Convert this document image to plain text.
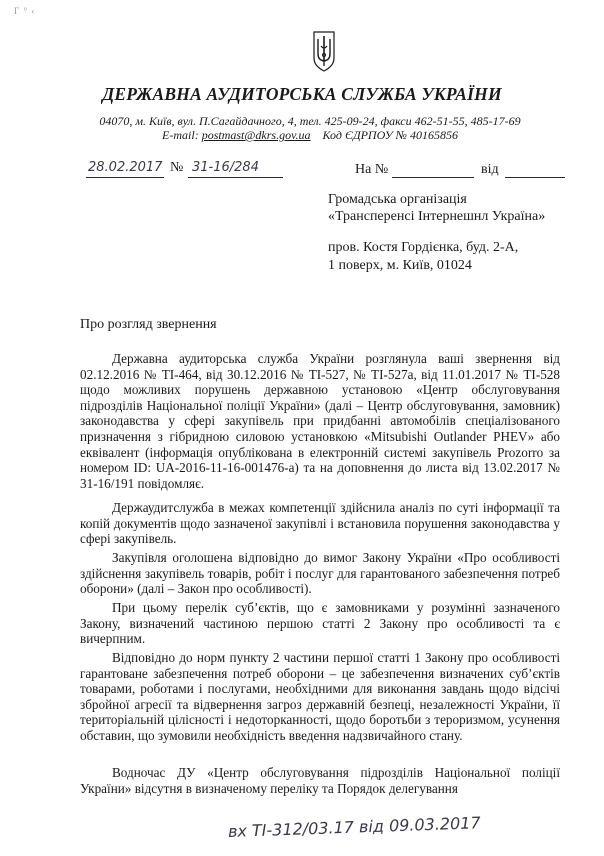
Г ° ‹
ДЕРЖАВНА АУДИТОРСЬКА СЛУЖБА УКРАЇНИ
04070, м. Київ, вул. П.Сагайдачного, 4, тел. 425-09-24, факси 462-51-55, 485-17-69
E-mail: postmast@dkrs.gov.ua Код ЄДРПОУ № 40165856
28.02.2017 № 31-16/284	На №	від
Громадська організація
«Трансперенсі Інтернешнл Україна»
пров. Костя Гордієнка, буд. 2-А,
1 поверх, м. Київ, 01024
Про розгляд звернення

Державна аудиторська служба України розглянула ваші звернення від 02.12.2016 № ТІ-464, від 30.12.2016 № ТІ-527, № ТІ-527а, від 11.01.2017 № ТІ-528 щодо можливих порушень державною установою «Центр обслуговування підрозділів Національної поліції України» (далі – Центр обслуговування, замовник) законодавства у сфері закупівель при придбанні автомобілів спеціалізованого призначення з гібридною силовою установкою «Mitsubishi Outlander PHEV» або еквівалент (інформація опублікована в електронній системі закупівель Prozorro за номером ID: UA-2016-11-16-001476-а) та на доповнення до листа від 13.02.2017 № 31-16/191 повідомляє.

Держаудитслужба в межах компетенції здійснила аналіз по суті інформації та копій документів щодо зазначеної закупівлі і встановила порушення законодавства у сфері закупівель.

Закупівля оголошена відповідно до вимог Закону України «Про особливості здійснення закупівель товарів, робіт і послуг для гарантованого забезпечення потреб оборони» (далі – Закон про особливості).

При цьому перелік суб’єктів, що є замовниками у розумінні зазначеного Закону, визначений частиною першою статті 2 Закону про особливості та є вичерпним.

Відповідно до норм пункту 2 частини першої статті 1 Закону про особливості гарантоване забезпечення потреб оборони – це забезпечення визначених суб’єктів товарами, роботами і послугами, необхідними для виконання завдань щодо відсічі збройної агресії та відвернення загроз державній безпеці, незалежності України, її територіальній цілісності і недоторканності, щодо боротьби з тероризмом, усунення обставин, що зумовили необхідність введення надзвичайного стану.

Водночас ДУ «Центр обслуговування підрозділів Національної поліції України» відсутня в визначеному переліку та Порядок делегування

вх ТІ-312/03.17 від 09.03.2017
